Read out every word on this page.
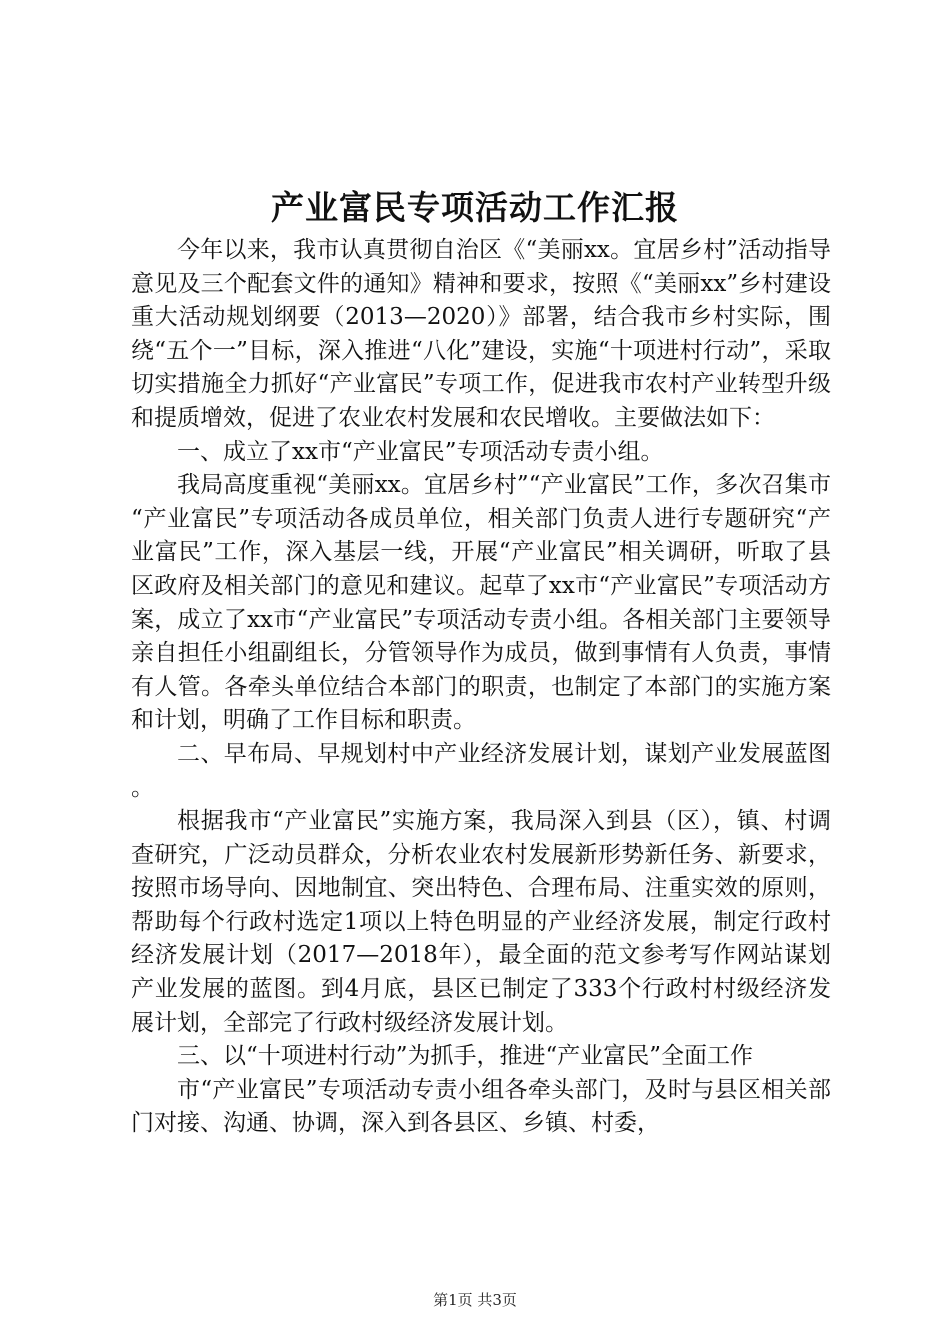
产业富民专项活动工作汇报

今年以来，我市认真贯彻自治区《“美丽xx。宜居乡村”活动指导意见及三个配套文件的通知》精神和要求，按照《“美丽xx”乡村建设重大活动规划纲要（2013—2020）》部署，结合我市乡村实际，围绕“五个一”目标，深入推进“八化”建设，实施“十项进村行动”，采取切实措施全力抓好“产业富民”专项工作，促进我市农村产业转型升级和提质增效，促进了农业农村发展和农民增收。主要做法如下：

一、成立了xx市“产业富民”专项活动专责小组。

我局高度重视“美丽xx。宜居乡村”“产业富民”工作，多次召集市“产业富民”专项活动各成员单位，相关部门负责人进行专题研究“产业富民”工作，深入基层一线，开展“产业富民”相关调研，听取了县区政府及相关部门的意见和建议。起草了xx市“产业富民”专项活动方案，成立了xx市“产业富民”专项活动专责小组。各相关部门主要领导亲自担任小组副组长，分管领导作为成员，做到事情有人负责，事情有人管。各牵头单位结合本部门的职责，也制定了本部门的实施方案和计划，明确了工作目标和职责。

二、早布局、早规划村中产业经济发展计划，谋划产业发展蓝图。

根据我市“产业富民”实施方案，我局深入到县（区），镇、村调查研究，广泛动员群众，分析农业农村发展新形势新任务、新要求，按照市场导向、因地制宜、突出特色、合理布局、注重实效的原则，帮助每个行政村选定1项以上特色明显的产业经济发展，制定行政村经济发展计划（2017—2018年），最全面的范文参考写作网站谋划产业发展的蓝图。到4月底，县区已制定了333个行政村村级经济发展计划，全部完了行政村级经济发展计划。

三、以“十项进村行动”为抓手，推进“产业富民”全面工作

市“产业富民”专项活动专责小组各牵头部门，及时与县区相关部门对接、沟通、协调，深入到各县区、乡镇、村委，

第1页 共3页
